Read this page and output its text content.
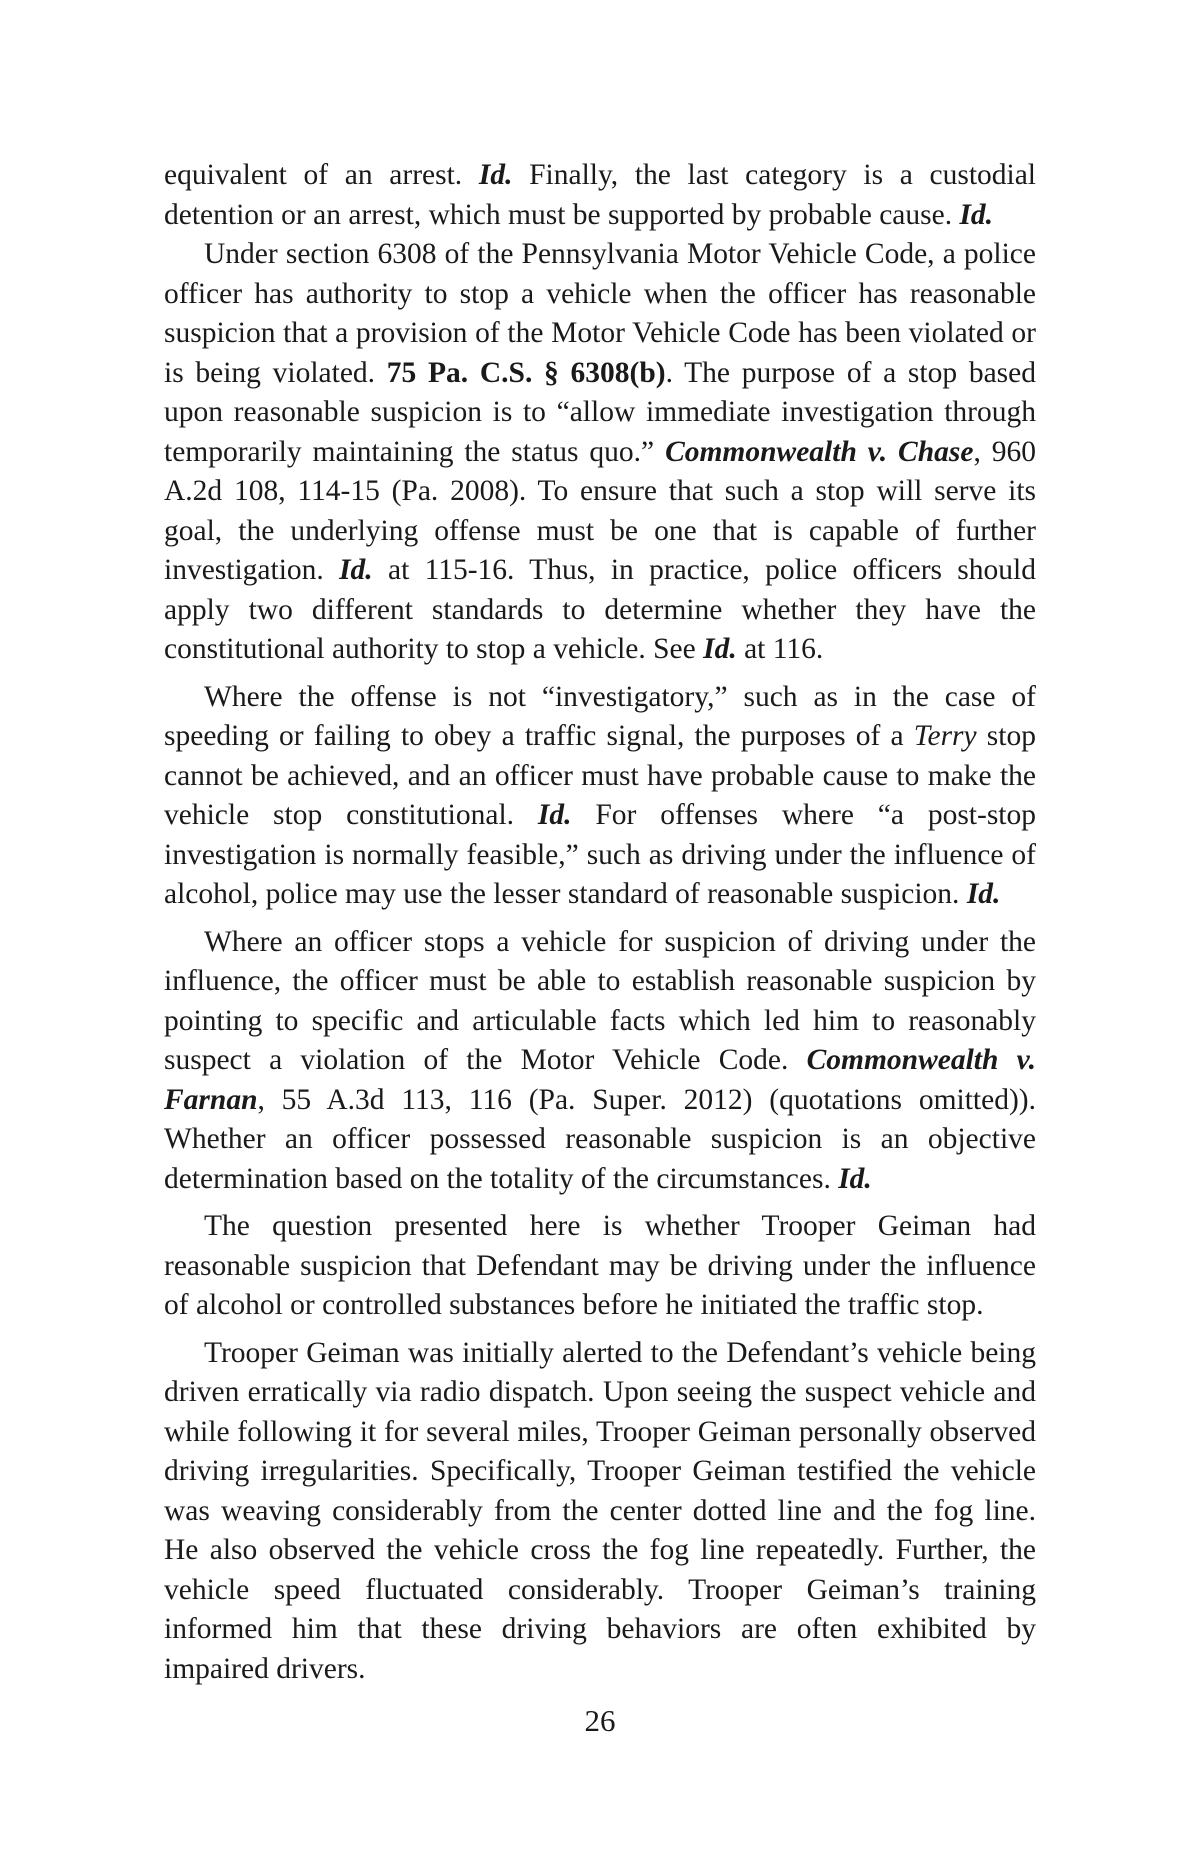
equivalent of an arrest. Id. Finally, the last category is a custodial detention or an arrest, which must be supported by probable cause. Id.

Under section 6308 of the Pennsylvania Motor Vehicle Code, a police officer has authority to stop a vehicle when the officer has reasonable suspicion that a provision of the Motor Vehicle Code has been violated or is being violated. 75 Pa. C.S. § 6308(b). The purpose of a stop based upon reasonable suspicion is to “allow immediate investigation through temporarily maintaining the status quo.” Commonwealth v. Chase, 960 A.2d 108, 114-15 (Pa. 2008). To ensure that such a stop will serve its goal, the underlying offense must be one that is capable of further investigation. Id. at 115-16. Thus, in practice, police officers should apply two different standards to determine whether they have the constitutional authority to stop a vehicle. See Id. at 116.

Where the offense is not “investigatory,” such as in the case of speeding or failing to obey a traffic signal, the purposes of a Terry stop cannot be achieved, and an officer must have probable cause to make the vehicle stop constitutional. Id. For offenses where “a post-stop investigation is normally feasible,” such as driving under the influence of alcohol, police may use the lesser standard of reasonable suspicion. Id.

Where an officer stops a vehicle for suspicion of driving under the influence, the officer must be able to establish reasonable suspicion by pointing to specific and articulable facts which led him to reasonably suspect a violation of the Motor Vehicle Code. Commonwealth v. Farnan, 55 A.3d 113, 116 (Pa. Super. 2012) (quotations omitted)). Whether an officer possessed reasonable suspicion is an objective determination based on the totality of the circumstances. Id.

The question presented here is whether Trooper Geiman had reasonable suspicion that Defendant may be driving under the influence of alcohol or controlled substances before he initiated the traffic stop.

Trooper Geiman was initially alerted to the Defendant’s vehicle being driven erratically via radio dispatch. Upon seeing the suspect vehicle and while following it for several miles, Trooper Geiman personally observed driving irregularities. Specifically, Trooper Geiman testified the vehicle was weaving considerably from the center dotted line and the fog line. He also observed the vehicle cross the fog line repeatedly. Further, the vehicle speed fluctuated considerably. Trooper Geiman’s training informed him that these driving behaviors are often exhibited by impaired drivers.

26
